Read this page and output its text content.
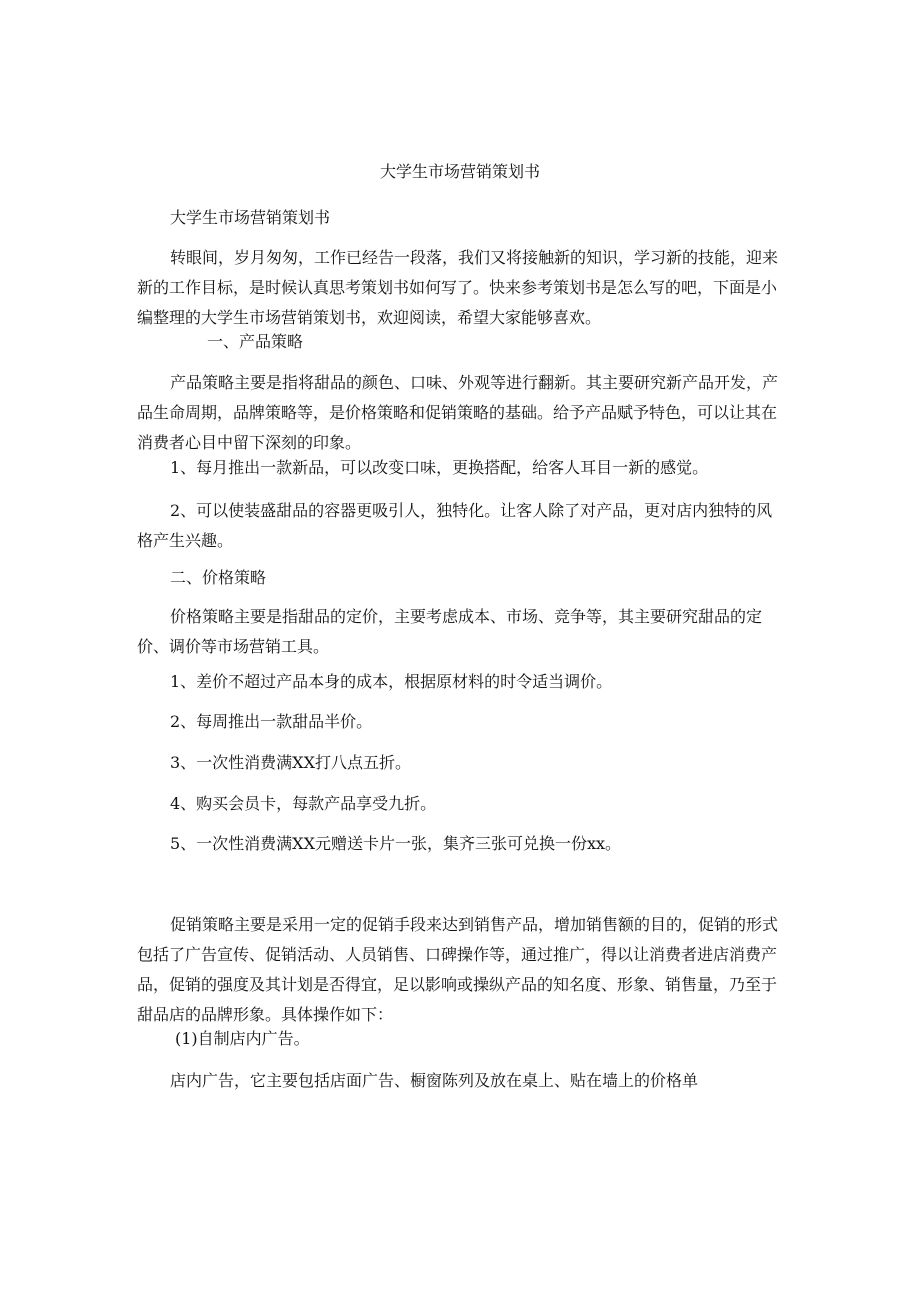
大学生市场营销策划书
大学生市场营销策划书
转眼间，岁月匆匆，工作已经告一段落，我们又将接触新的知识，学习新的技能，迎来新的工作目标，是时候认真思考策划书如何写了。快来参考策划书是怎么写的吧，下面是小编整理的大学生市场营销策划书，欢迎阅读，希望大家能够喜欢。
一、产品策略
产品策略主要是指将甜品的颜色、口味、外观等进行翻新。其主要研究新产品开发，产品生命周期，品牌策略等，是价格策略和促销策略的基础。给予产品赋予特色，可以让其在消费者心目中留下深刻的印象。
1、每月推出一款新品，可以改变口味，更换搭配，给客人耳目一新的感觉。
2、可以使装盛甜品的容器更吸引人，独特化。让客人除了对产品，更对店内独特的风格产生兴趣。
二、价格策略
价格策略主要是指甜品的定价，主要考虑成本、市场、竞争等，其主要研究甜品的定价、调价等市场营销工具。
1、差价不超过产品本身的成本，根据原材料的时令适当调价。
2、每周推出一款甜品半价。
3、一次性消费满XX打八点五折。
4、购买会员卡，每款产品享受九折。
5、一次性消费满XX元赠送卡片一张，集齐三张可兑换一份xx。
促销策略主要是采用一定的促销手段来达到销售产品，增加销售额的目的，促销的形式包括了广告宣传、促销活动、人员销售、口碑操作等，通过推广，得以让消费者进店消费产品，促销的强度及其计划是否得宜，足以影响或操纵产品的知名度、形象、销售量，乃至于甜品店的品牌形象。具体操作如下：
(1)自制店内广告。
店内广告，它主要包括店面广告、橱窗陈列及放在桌上、贴在墙上的价格单
